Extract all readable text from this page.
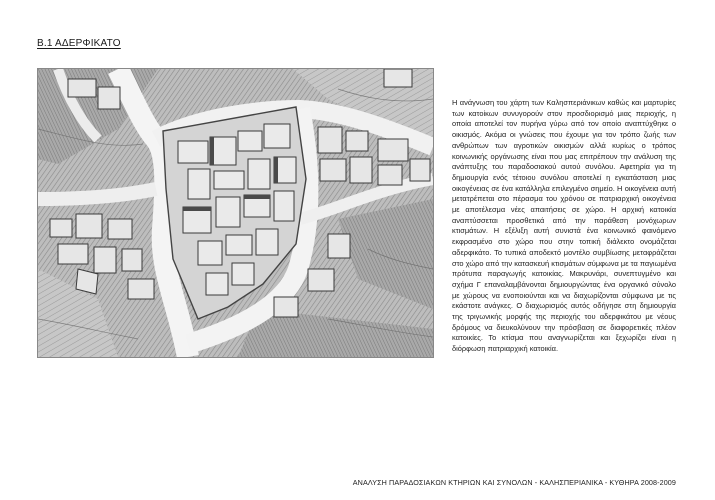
Β.1 ΑΔΕΡΦΙΚΑΤΟ
Η ανάγνωση του χάρτη των Καλησπεριάνικων καθώς και μαρτυρίες των κατοίκων συνυγορούν στον προσδιορισμό μιας περιοχής, η οποία αποτελεί τον πυρήνα γύρω από τον οποίο αναπτύχθηκε ο οικισμός. Ακόμα οι γνώσεις που έχουμε για τον τρόπο ζωής των ανθρώπων των αγροτικών οικισμών αλλά κυρίως ο τρόπος κοινωνικής οργάνωσης είναι που μας επιτρέπουν την ανάλυση της ανάπτυξης του παραδοσιακού αυτού συνόλου. Αφετηρία για τη δημιουργία ενός τέτοιου συνόλου αποτελεί η εγκατάσταση μιας οικογένειας σε ένα κατάλληλα επιλεγμένο σημείο. Η οικογένεια αυτή μετατρέπεται στο πέρασμα του χρόνου σε πατριαρχική οικογένεια με αποτέλεσμα νέες απαιτήσεις σε χώρο. Η αρχική κατοικία αναπτύσσεται προσθετικά από την παράθεση μονόχωρων κτισμάτων. Η εξέλιξη αυτή συνιστά ένα κοινωνικό φαινόμενο εκφρασμένο στο χώρο που στην τοπική διάλεκτο ονομάζεται αδερφικάτο. Το τυπικά αποδεκτό μοντέλο συμβίωσης μεταφράζεται στο χώρο από την κατασκευή κτισμάτων σύμφωνα με τα παγιωμένα πρότυπα παραγωγής κατοικίας. Μακρυνάρι, συνεπτυγμένο και σχήμα Γ επαναλαμβάνονται δημιουργώντας ένα οργανικό σύνολο με χώρους να ενοποιούνται και να διαχωρίζονται σύμφωνα με τις εκάστοτε ανάγκες. Ο διαχωρισμός αυτός οδήγησε στη δημιουργία της τριγωνικής μορφής της περιοχής του αδερφικάτου με νέους δρόμους να διευκολύνουν την πρόσβαση σε διαφορετικές πλέον κατοικίες. Το κτίσμα που αναγνωρίζεται και ξεχωρίζει είναι η διόρφωση πατριαρχική κατοικία.
ΑΝΑΛΥΣΗ ΠΑΡΑΔΟΣΙΑΚΩΝ ΚΤΗΡΙΩΝ ΚΑΙ ΣΥΝΟΛΩΝ - ΚΑΛΗΣΠΕΡΙΑΝΙΚΑ - ΚΥΘΗΡΑ 2008-2009
